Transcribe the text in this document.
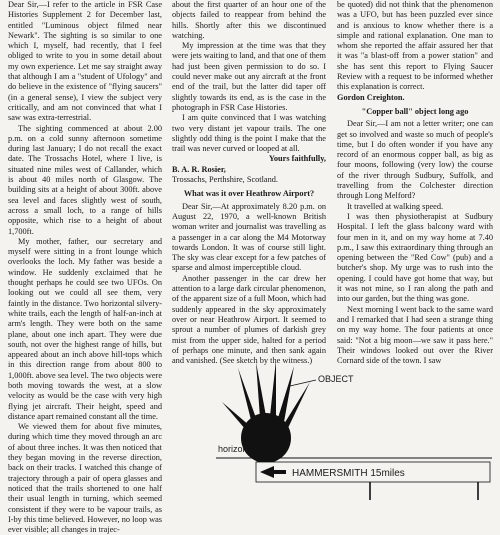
Dear Sir,—I refer to the article in FSR Case Histories Supplement 2 for December last, entitled "Luminous object filmed near Newark". The sighting is so similar to one which I, myself, had recently, that I feel obliged to write to you in some detail about my own experience. Let me say straight away that although I am a "student of Ufology" and do believe in the existence of "flying saucers" (in a general sense), I view the subject very critically, and am not convinced that what I saw was extra-terrestrial.

The sighting commenced at about 2.00 p.m. on a cold sunny afternoon sometime during last January; I do not recall the exact date. The Trossachs Hotel, where I live, is situated nine miles west of Callander, which is about 40 miles north of Glasgow. The building sits at a height of about 300ft. above sea level and faces slightly west of south, across a small loch, to a range of hills opposite, which rise to a height of about 1,700ft.

My mother, father, our secretary and myself were sitting in a front lounge which overlooks the loch. My father was beside a window. He suddenly exclaimed that he thought perhaps he could see two UFOs. On looking out we could all see them, very faintly in the distance. Two horizontal silvery-white trails, each the length of half-an-inch at arm's length. They were both on the same plane, about one inch apart. They were due south, not over the highest range of hills, but appeared about an inch above hill-tops which in this direction range from about 800 to 1,000ft. above sea level. The two objects were both moving towards the west, at a slow velocity as would be the case with very high flying jet aircraft. Their height, speed and distance apart remained constant all the time.

We viewed them for about five minutes, during which time they moved through an arc of about three inches. It was then noticed that they began moving in the reverse direction, back on their tracks. I watched this change of trajectory through a pair of opera glasses and noticed that the trails shortened to one half their usual length in turning, which seemed consistent if they were to be vapour trails, as I-by this time believed. However, no loop was ever visible; all changes in trajec-

about the first quarter of an hour one of the objects failed to reappear from behind the hills. Shortly after this we discontinued watching.

My impression at the time was that they were jets waiting to land, and that one of them had just been given permission to do so. I could never make out any aircraft at the front end of the trail, but the latter did taper off slightly towards its end, as is the case in the photograph in FSR Case Histories.

I am quite convinced that I was watching two very distant jet vapour trails. The one slightly odd thing is the point I make that the trail was never curved or looped at all.

Yours faithfully,

B. A. R. Rosier,

Trossachs, Perthshire, Scotland.

What was it over Heathrow Airport?

Dear Sir,—At approximately 8.20 p.m. on August 22, 1970, a well-known British woman writer and journalist was travelling as a passenger in a car along the M4 Motorway towards London. It was of course still light. The sky was clear except for a few patches of sparse and almost imperceptible cloud.

Another passenger in the car drew her attention to a large dark circular phenomenon, of the apparent size of a full Moon, which had suddenly appeared in the sky approximately over or near Heathrow Airport. It seemed to sprout a number of plumes of darkish grey mist from the upper side, halted for a period of perhaps one minute, and then sank again and vanished. (See sketch by the witness.)

be quoted) did not think that the phenomenon was a UFO, but has been puzzled ever since and is anxious to know whether there is a simple and rational explanation. One man to whom she reported the affair assured her that it was "a blast-off from a power station" and she has sent this report to Flying Saucer Review with a request to be informed whether this explanation is correct.

Gordon Creighton.

"Copper ball" object long ago

Dear Sir,—I am not a letter writer; one can get so involved and waste so much of people's time, but I do often wonder if you have any record of an enormous copper ball, as big as four moons, following (very low) the course of the river through Sudbury, Suffolk, and travelling from the Colchester direction through Long Melford?

It travelled at walking speed.

I was then physiotherapist at Sudbury Hospital. I left the glass balcony ward with four men in it, and on my way home at 7.40 p.m., I saw this extraordinary thing through an opening between the "Red Cow" (pub) and a butcher's shop. My urge was to rush into the opening. I could have got home that way, but it was not mine, so I ran along the path and into our garden, but the thing was gone.

Next morning I went back to the same ward and I remarked that I had seen a strange thing on my way home. The four patients at once said: "Not a big moon—we saw it pass here." Their windows looked out over the River Cornard side of the town. I saw

OBJECT
horizon
HAMMERSMITH 15miles
